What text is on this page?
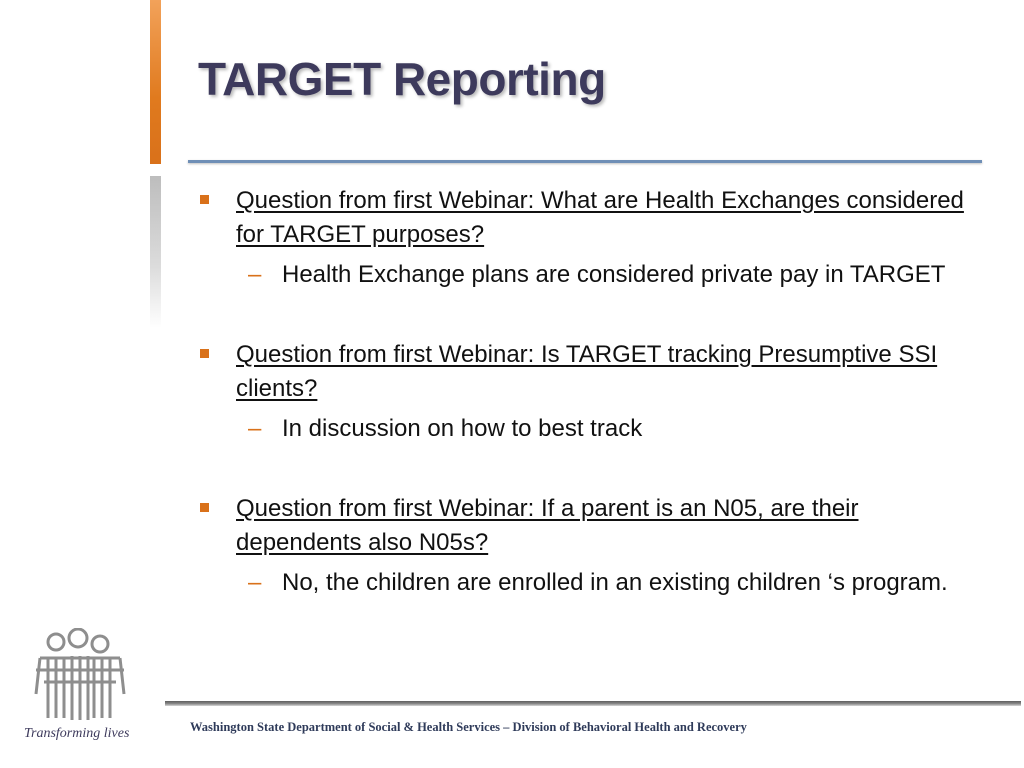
TARGET Reporting
Question from first Webinar: What are Health Exchanges considered for TARGET purposes?
– Health Exchange plans are considered private pay in TARGET
Question from first Webinar: Is TARGET tracking Presumptive SSI clients?
– In discussion on how to best track
Question from first Webinar: If a parent is an N05, are their dependents also N05s?
– No, the children are enrolled in an existing children ‘s program.
Transforming lives	Washington State Department of Social & Health Services – Division of Behavioral Health and Recovery
